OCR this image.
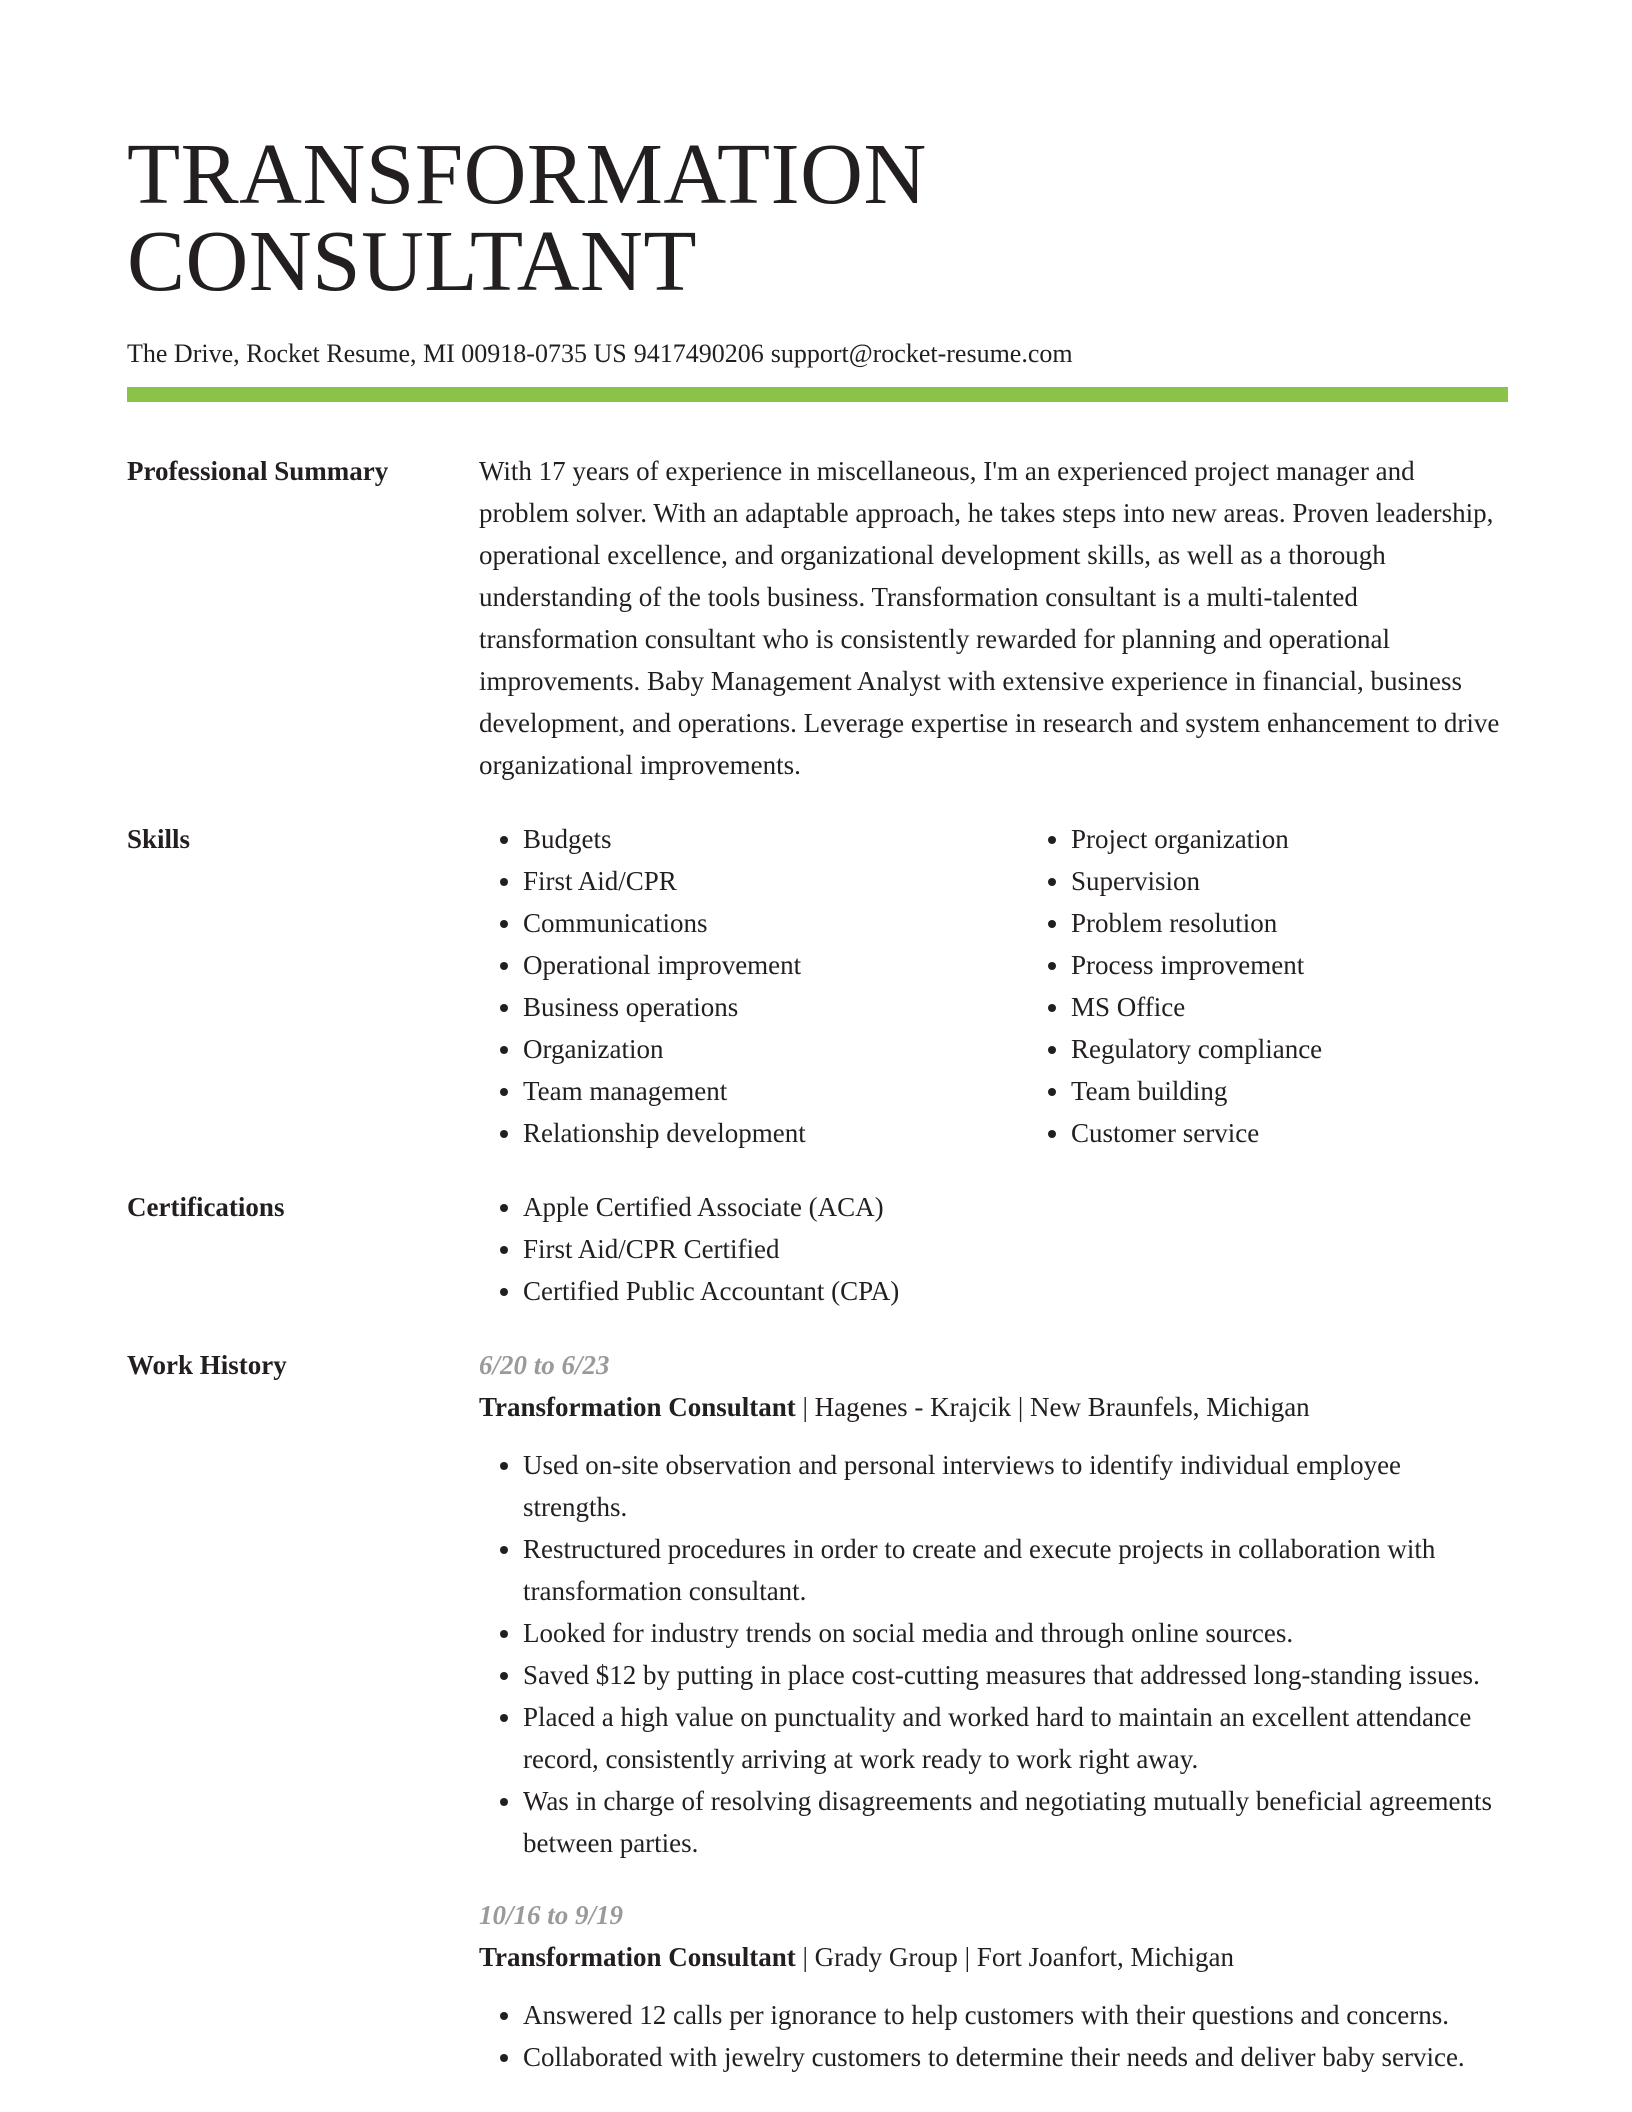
TRANSFORMATION CONSULTANT
The Drive, Rocket Resume, MI 00918-0735 US 9417490206 support@rocket-resume.com
Professional Summary	With 17 years of experience in miscellaneous, I'm an experienced project manager and problem solver. With an adaptable approach, he takes steps into new areas. Proven leadership, operational excellence, and organizational development skills, as well as a thorough understanding of the tools business. Transformation consultant is a multi-talented transformation consultant who is consistently rewarded for planning and operational improvements. Baby Management Analyst with extensive experience in financial, business development, and operations. Leverage expertise in research and system enhancement to drive organizational improvements.
Skills	• Budgets
• First Aid/CPR
• Communications
• Operational improvement
• Business operations
• Organization
• Team management
• Relationship development
• Project organization
• Supervision
• Problem resolution
• Process improvement
• MS Office
• Regulatory compliance
• Team building
• Customer service
Certifications	• Apple Certified Associate (ACA)
• First Aid/CPR Certified
• Certified Public Accountant (CPA)
Work History	6/20 to 6/23
Transformation Consultant | Hagenes - Krajcik | New Braunfels, Michigan
• Used on-site observation and personal interviews to identify individual employee strengths.
• Restructured procedures in order to create and execute projects in collaboration with transformation consultant.
• Looked for industry trends on social media and through online sources.
• Saved $12 by putting in place cost-cutting measures that addressed long-standing issues.
• Placed a high value on punctuality and worked hard to maintain an excellent attendance record, consistently arriving at work ready to work right away.
• Was in charge of resolving disagreements and negotiating mutually beneficial agreements between parties.
10/16 to 9/19
Transformation Consultant | Grady Group | Fort Joanfort, Michigan
• Answered 12 calls per ignorance to help customers with their questions and concerns.
• Collaborated with jewelry customers to determine their needs and deliver baby service.
